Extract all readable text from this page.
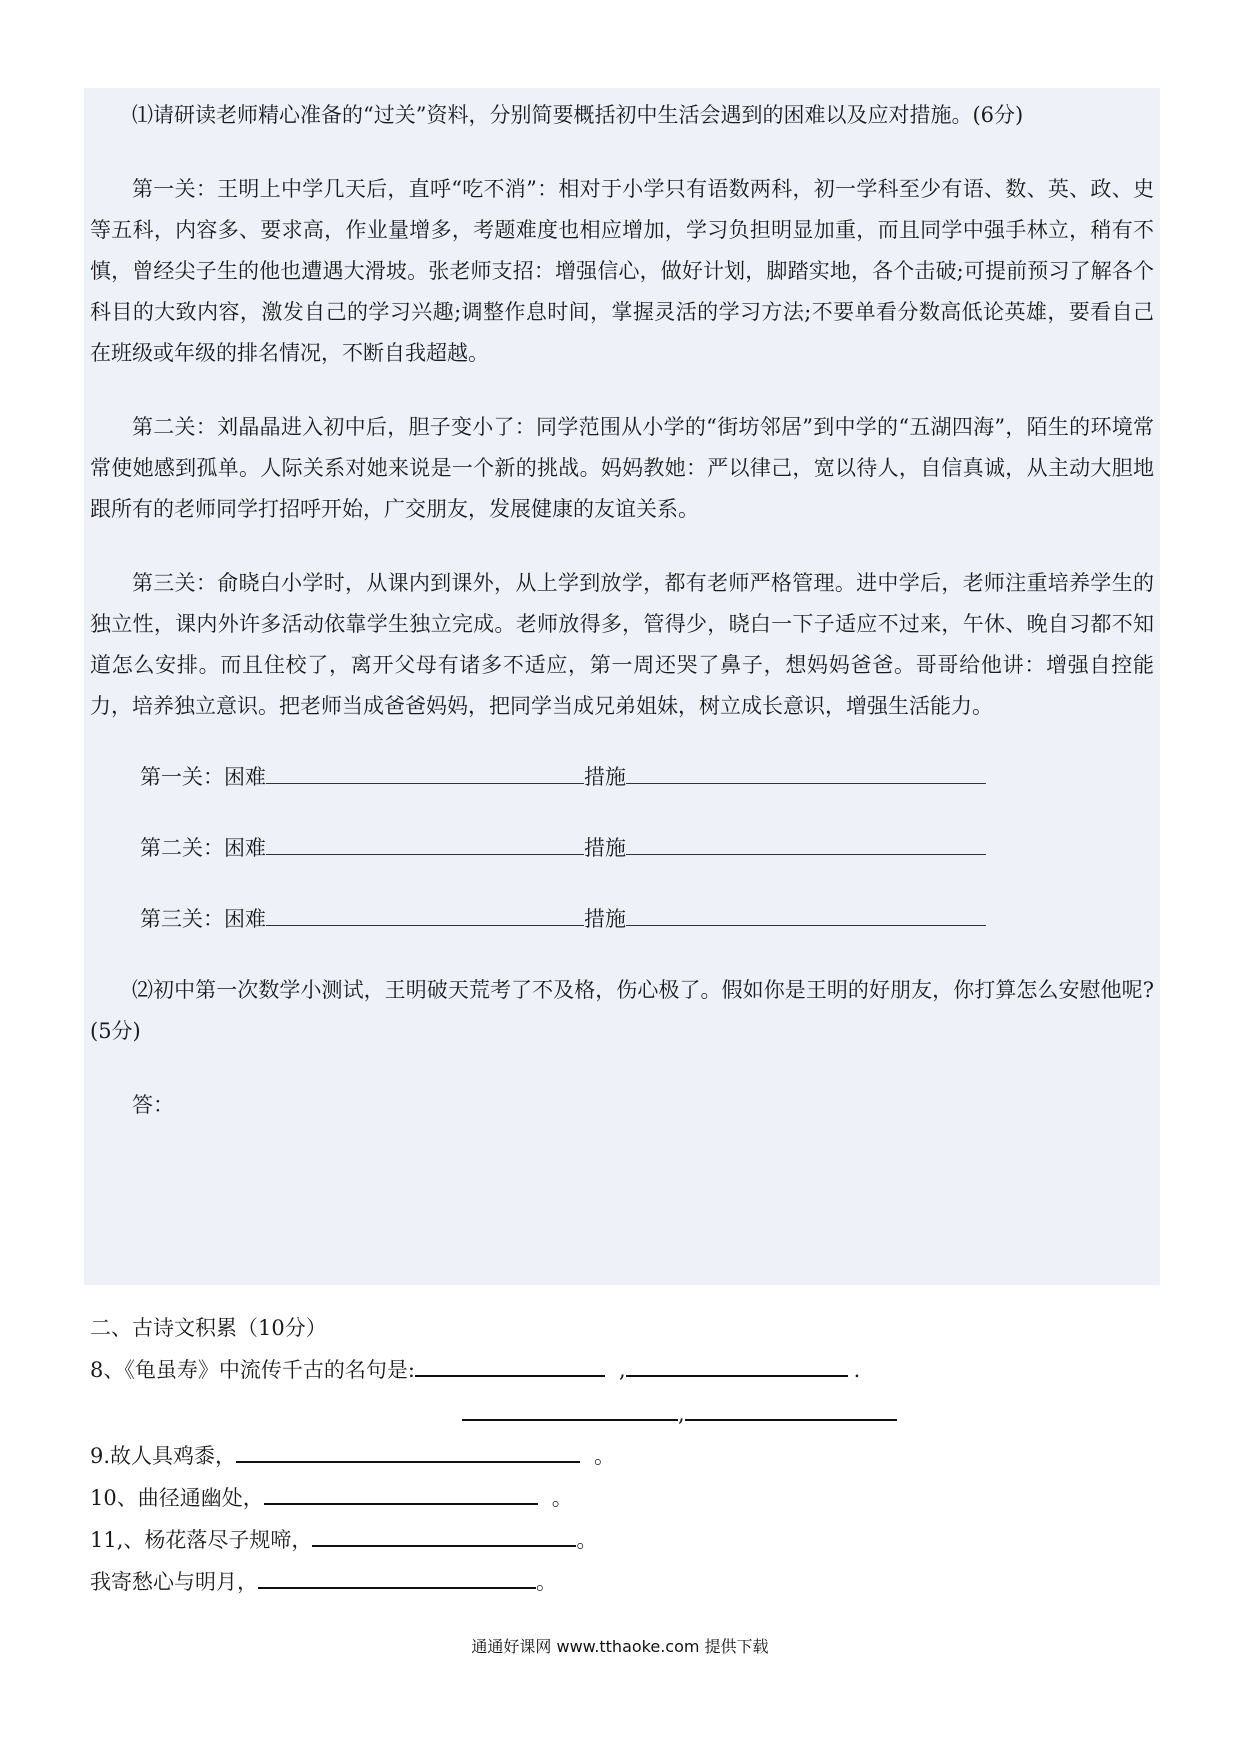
⑴请研读老师精心准备的“过关”资料，分别简要概括初中生活会遇到的困难以及应对措施。(6分)

第一关：王明上中学几天后，直呼“吃不消”：相对于小学只有语数两科，初一学科至少有语、数、英、政、史等五科，内容多、要求高，作业量增多，考题难度也相应增加，学习负担明显加重，而且同学中强手林立，稍有不慎，曾经尖子生的他也遭遇大滑坡。张老师支招：增强信心，做好计划，脚踏实地，各个击破;可提前预习了解各个科目的大致内容，激发自己的学习兴趣;调整作息时间，掌握灵活的学习方法;不要单看分数高低论英雄，要看自己在班级或年级的排名情况，不断自我超越。

第二关：刘晶晶进入初中后，胆子变小了：同学范围从小学的“街坊邻居”到中学的“五湖四海”，陌生的环境常常使她感到孤单。人际关系对她来说是一个新的挑战。妈妈教她：严以律己，宽以待人，自信真诚，从主动大胆地跟所有的老师同学打招呼开始，广交朋友，发展健康的友谊关系。

第三关：俞晓白小学时，从课内到课外，从上学到放学，都有老师严格管理。进中学后，老师注重培养学生的独立性，课内外许多活动依靠学生独立完成。老师放得多，管得少，晓白一下子适应不过来，午休、晚自习都不知道怎么安排。而且住校了，离开父母有诸多不适应，第一周还哭了鼻子，想妈妈爸爸。哥哥给他讲：增强自控能力，培养独立意识。把老师当成爸爸妈妈，把同学当成兄弟姐妹，树立成长意识，增强生活能力。

第一关：困难	措施
第二关：困难	措施
第三关：困难	措施

⑵初中第一次数学小测试，王明破天荒考了不及格，伤心极了。假如你是王明的好朋友，你打算怎么安慰他呢?(5分)

答：

二、古诗文积累（10分）

8、《龟虽寿》中流传千古的名句是:	,	.

,

9.故人具鸡黍，	。

10、曲径通幽处，	。

11,、杨花落尽子规啼，	。

我寄愁心与明月，	。

通通好课网 www.tthaoke.com 提供下载
